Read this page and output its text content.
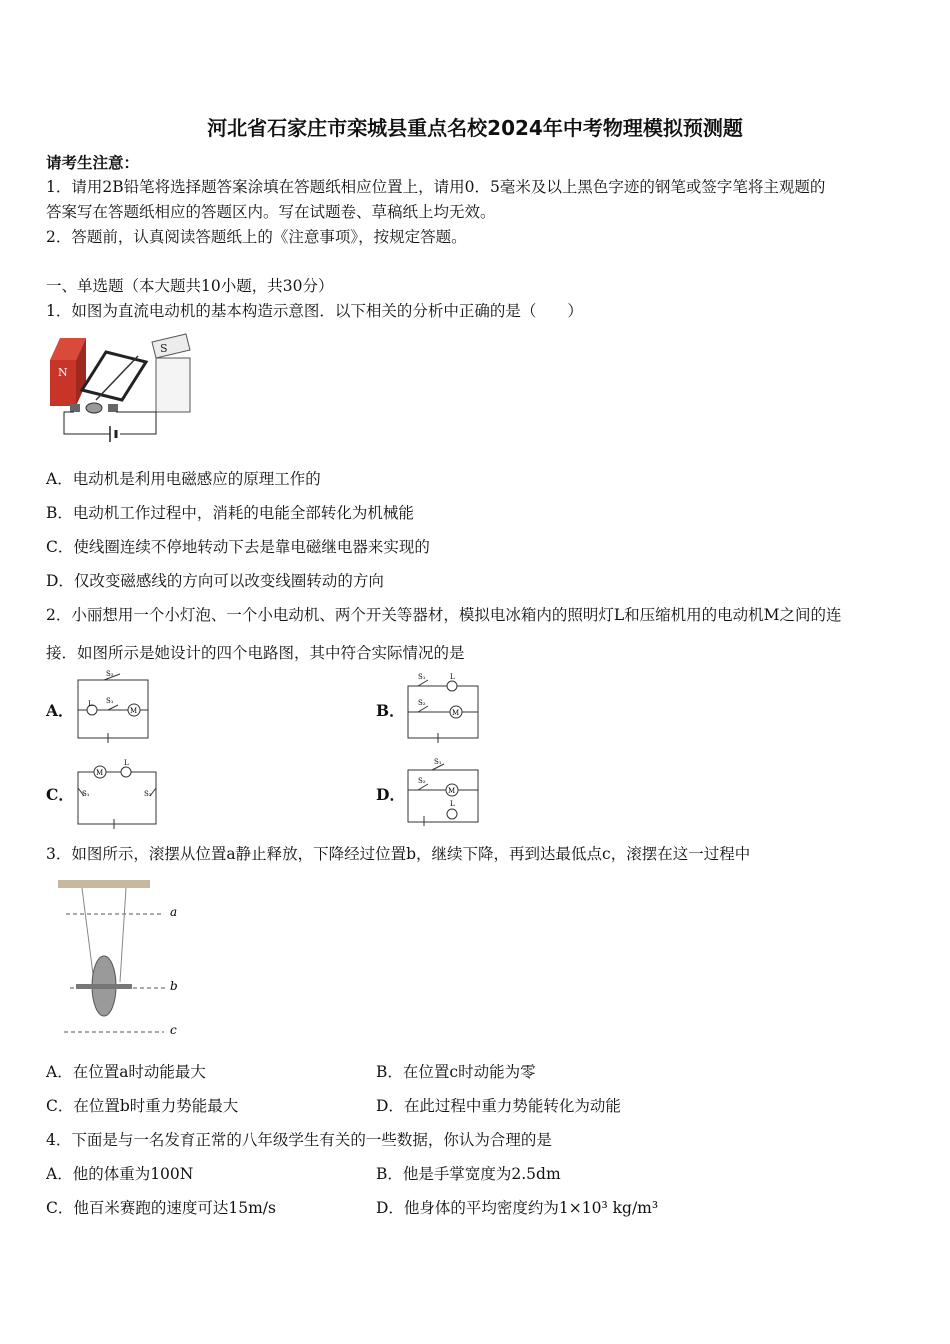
河北省石家庄市栾城县重点名校2024年中考物理模拟预测题
请考生注意：
1．请用2B铅笔将选择题答案涂填在答题纸相应位置上，请用0．5毫米及以上黑色字迹的钢笔或签字笔将主观题的
答案写在答题纸相应的答题区内。写在试题卷、草稿纸上均无效。
2．答题前，认真阅读答题纸上的《注意事项》，按规定答题。
一、单选题（本大题共10小题，共30分）
1．如图为直流电动机的基本构造示意图．以下相关的分析中正确的是（　　）
N
S
A．电动机是利用电磁感应的原理工作的
B．电动机工作过程中，消耗的电能全部转化为机械能
C．使线圈连续不停地转动下去是靠电磁继电器来实现的
D．仅改变磁感线的方向可以改变线圈转动的方向
2．小丽想用一个小灯泡、一个小电动机、两个开关等器材，模拟电冰箱内的照明灯L和压缩机用的电动机M之间的连
接．如图所示是她设计的四个电路图，其中符合实际情况的是
A．
S₂
L S₁
M	B．
S₁	L
S₂
M
C．
M
L
S₁	S₂	D．
S₁
S₂
M
L
3．如图所示，滚摆从位置a静止释放，下降经过位置b，继续下降，再到达最低点c，滚摆在这一过程中
a
b
c
A．在位置a时动能最大	B．在位置c时动能为零
C．在位置b时重力势能最大	D．在此过程中重力势能转化为动能
4．下面是与一名发育正常的八年级学生有关的一些数据，你认为合理的是
A．他的体重为100N	B．他是手掌宽度为2.5dm
C．他百米赛跑的速度可达15m/s	D．他身体的平均密度约为1×10³ kg/m³
